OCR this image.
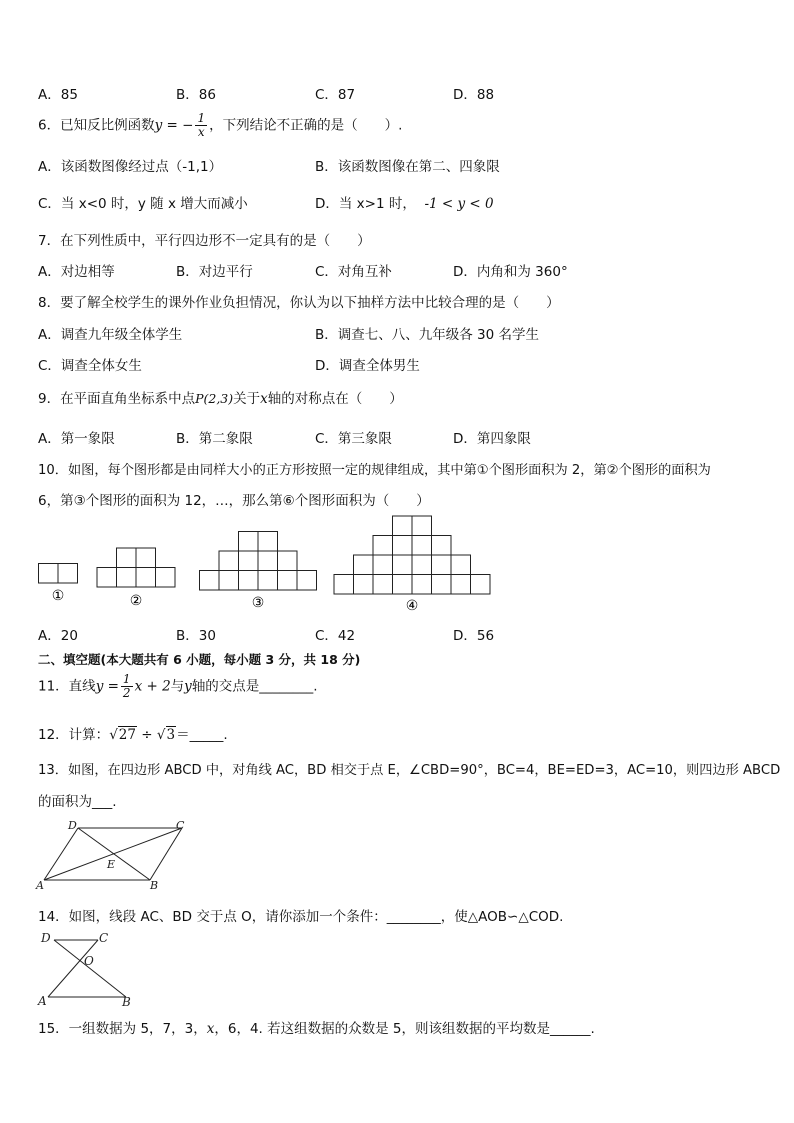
A．85	B．86	C．87	D．88
6．已知反比例函数y = − $\frac{1}{x}$ ，下列结论不正确的是（　　）.
A．该函数图像经过点（-1,1）	B．该函数图像在第二、四象限
C．当 x<0 时，y 随 x 增大而减小	D．当 x>1 时， -1 < y < 0
7．在下列性质中，平行四边形不一定具有的是（　　）
A．对边相等	B．对边平行	C．对角互补	D．内角和为 360°
8．要了解全校学生的课外作业负担情况，你认为以下抽样方法中比较合理的是（　　）
A．调查九年级全体学生	B．调查七、八、九年级各 30 名学生
C．调查全体女生	D．调查全体男生
9．在平面直角坐标系中点P(2,3)关于x轴的对称点在（　　）
A．第一象限	B．第二象限	C．第三象限	D．第四象限
10．如图，每个图形都是由同样大小的正方形按照一定的规律组成，其中第①个图形面积为 2，第②个图形的面积为
6，第③个图形的面积为 12，…，那么第⑥个图形面积为（　　）
①	②	③	④
A．20	B．30	C．42	D．56
二、填空题(本大题共有 6 小题，每小题 3 分，共 18 分)
11．直线$y = \frac{1}{2}$ x + 2与y轴的交点是________.
12．计算：√27 ÷ √3＝_____.
13．如图，在四边形 ABCD 中，对角线 AC，BD 相交于点 E，∠CBD=90°，BC=4，BE=ED=3，AC=10，则四边形 ABCD
的面积为___.
D	C
E
A	B
14．如图，线段 AC、BD 交于点 O，请你添加一个条件：________，使△AOB∽△COD.
D	C
O
A	B
15．一组数据为 5，7，3，x，6，4. 若这组数据的众数是 5，则该组数据的平均数是______.
